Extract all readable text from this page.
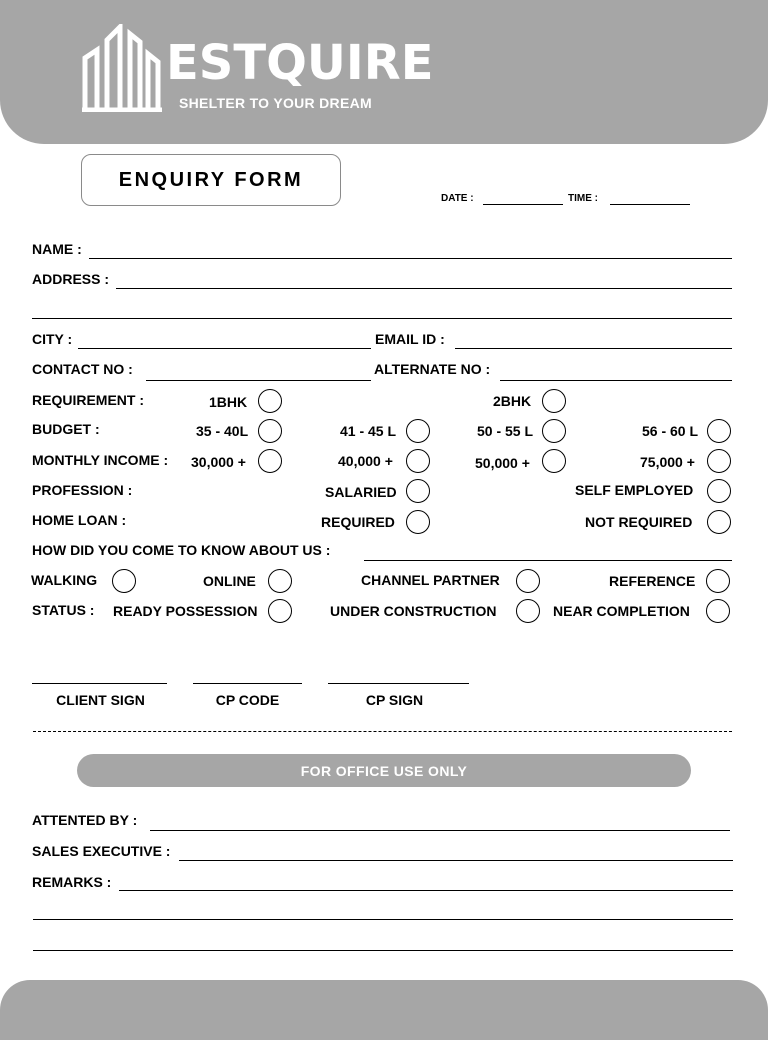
ESTQUIRE
SHELTER TO YOUR DREAM
ENQUIRY FORM
DATE :	TIME :
NAME :
ADDRESS :
CITY :	EMAIL ID :
CONTACT NO :	ALTERNATE NO :
REQUIREMENT :	1BHK	2BHK
BUDGET :	35 - 40L	41 - 45 L	50 - 55 L	56 - 60 L
MONTHLY INCOME : 30,000 +	40,000 +	50,000 +	75,000 +
PROFESSION :	SALARIED	SELF EMPLOYED
HOME LOAN :	REQUIRED	NOT REQUIRED
HOW DID YOU COME TO KNOW ABOUT US :
WALKING	ONLINE	CHANNEL PARTNER	REFERENCE
STATUS : READY POSSESSION	UNDER CONSTRUCTION	NEAR COMPLETION
CLIENT SIGN	CP CODE	CP SIGN
FOR OFFICE USE ONLY
ATTENTED BY :
SALES EXECUTIVE :
REMARKS :
